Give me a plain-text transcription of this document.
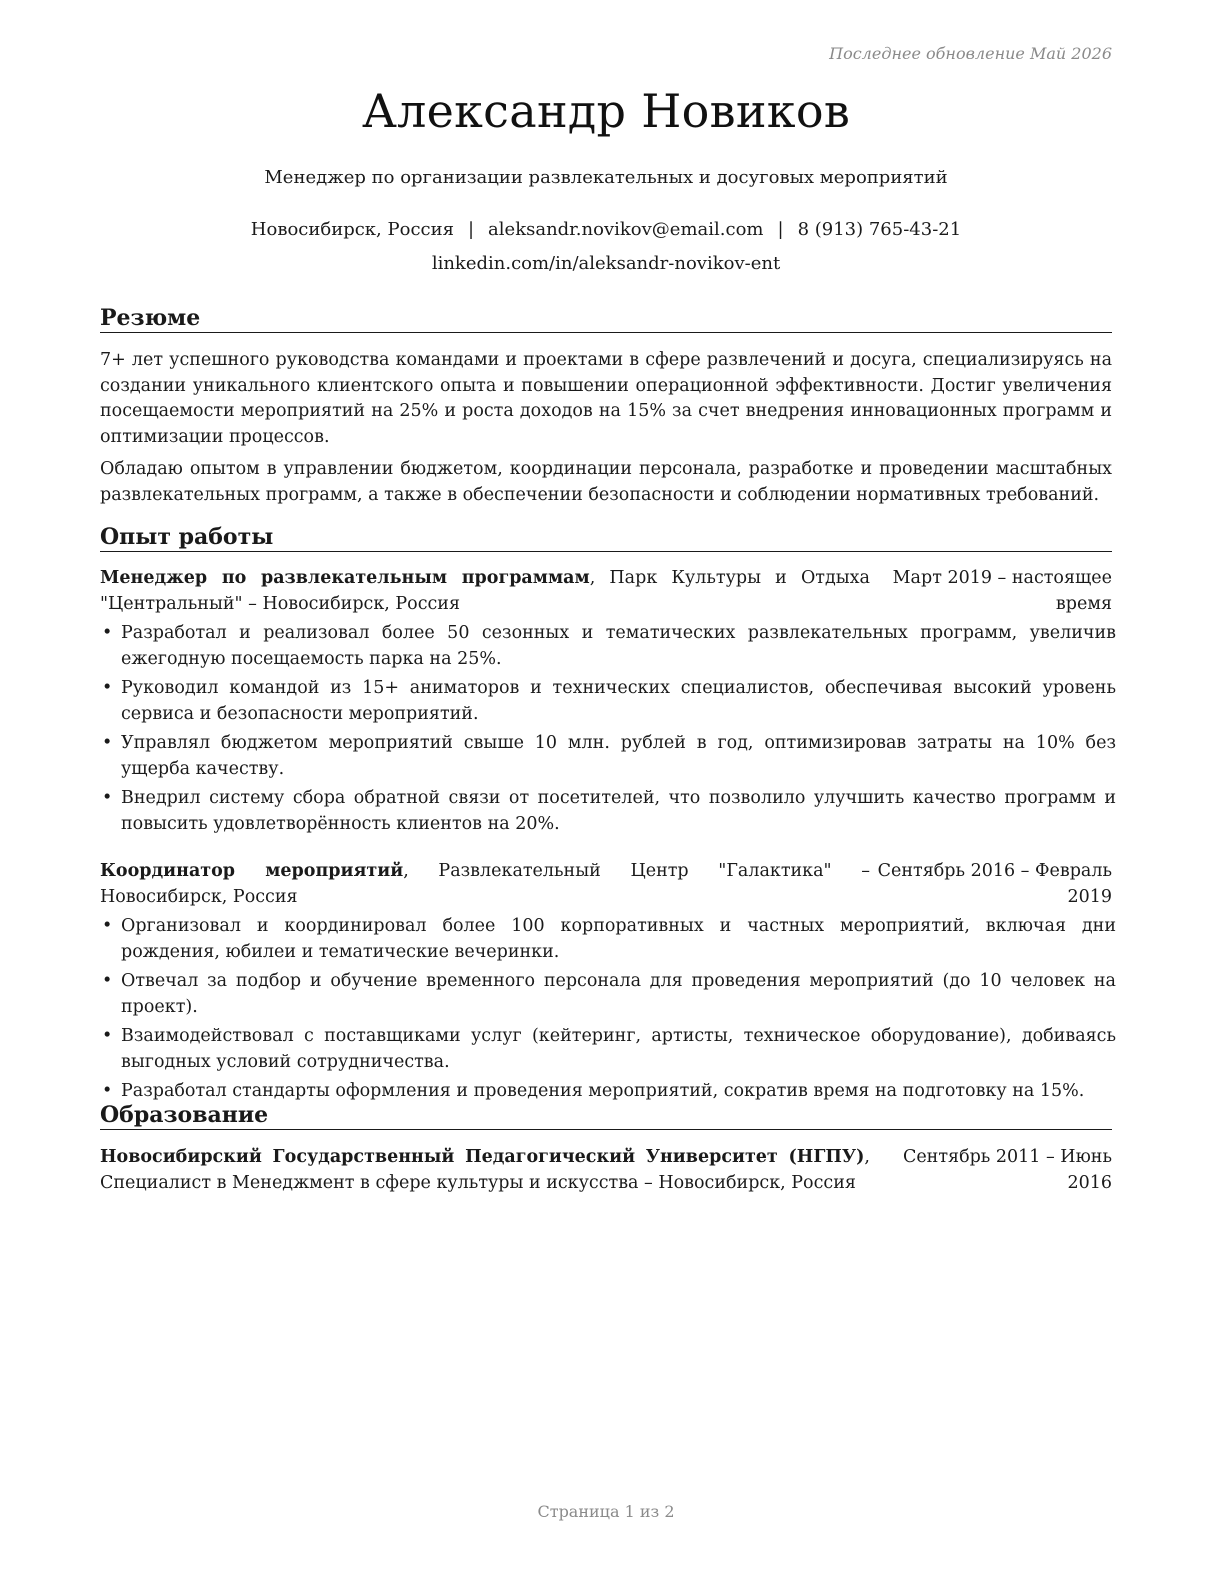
Последнее обновление Май 2026
Александр Новиков
Менеджер по организации развлекательных и досуговых мероприятий
Новосибирск, Россия | aleksandr.novikov@email.com | 8 (913) 765-43-21
linkedin.com/in/aleksandr-novikov-ent
Резюме

7+ лет успешного руководства командами и проектами в сфере развлечений и досуга, специализируясь на создании уникального клиентского опыта и повышении операционной эффективности. Достиг увеличения посещаемости мероприятий на 25% и роста доходов на 15% за счет внедрения инновационных программ и оптимизации процессов.

Обладаю опытом в управлении бюджетом, координации персонала, разработке и проведении масштабных развлекательных программ, а также в обеспечении безопасности и соблюдении нормативных требований.

Опыт работы
Менеджер по развлекательным программам, Парк Культуры и Отдыха "Центральный" – Новосибирск, Россия
Март 2019 – настоящее время
• Разработал и реализовал более 50 сезонных и тематических развлекательных программ, увеличив ежегодную посещаемость парка на 25%.
• Руководил командой из 15+ аниматоров и технических специалистов, обеспечивая высокий уровень сервиса и безопасности мероприятий.
• Управлял бюджетом мероприятий свыше 10 млн. рублей в год, оптимизировав затраты на 10% без ущерба качеству.
• Внедрил систему сбора обратной связи от посетителей, что позволило улучшить качество программ и повысить удовлетворённость клиентов на 20%.
Координатор мероприятий, Развлекательный Центр "Галактика" – Новосибирск, Россия
Сентябрь 2016 – Февраль 2019
• Организовал и координировал более 100 корпоративных и частных мероприятий, включая дни рождения, юбилеи и тематические вечеринки.
• Отвечал за подбор и обучение временного персонала для проведения мероприятий (до 10 человек на проект).
• Взаимодействовал с поставщиками услуг (кейтеринг, артисты, техническое оборудование), добиваясь выгодных условий сотрудничества.
• Разработал стандарты оформления и проведения мероприятий, сократив время на подготовку на 15%.
Образование
Новосибирский Государственный Педагогический Университет (НГПУ), Специалист в Менеджмент в сфере культуры и искусства – Новосибирск, Россия
Сентябрь 2011 – Июнь 2016
Страница 1 из 2
